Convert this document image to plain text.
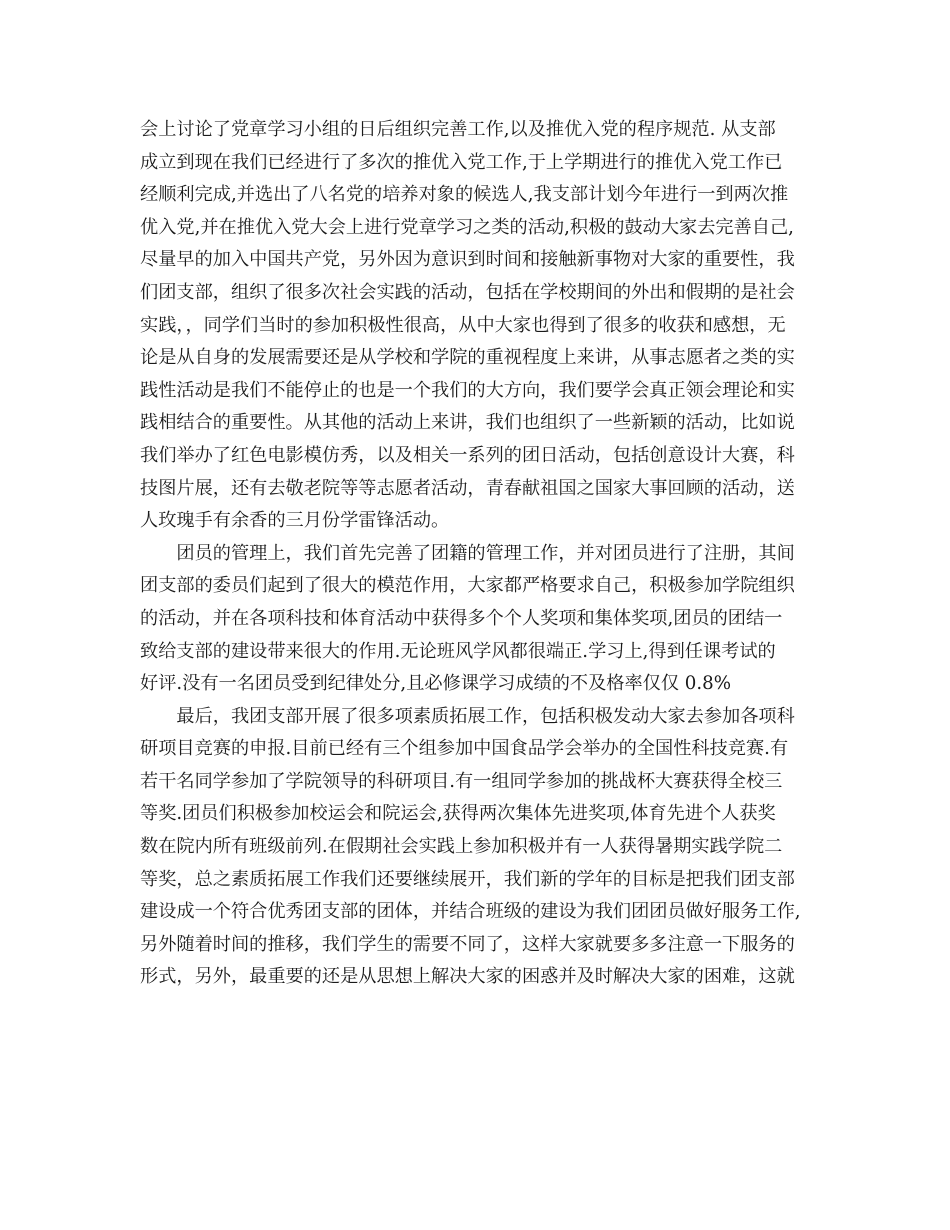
会上讨论了党章学习小组的日后组织完善工作,以及推优入党的程序规范. 从支部
成立到现在我们已经进行了多次的推优入党工作,于上学期进行的推优入党工作已
经顺利完成,并选出了八名党的培养对象的候选人,我支部计划今年进行一到两次推
优入党,并在推优入党大会上进行党章学习之类的活动,积极的鼓动大家去完善自己,
尽量早的加入中国共产党，另外因为意识到时间和接触新事物对大家的重要性，我
们团支部，组织了很多次社会实践的活动，包括在学校期间的外出和假期的是社会
实践，，同学们当时的参加积极性很高，从中大家也得到了很多的收获和感想，无
论是从自身的发展需要还是从学校和学院的重视程度上来讲，从事志愿者之类的实
践性活动是我们不能停止的也是一个我们的大方向，我们要学会真正领会理论和实
践相结合的重要性。从其他的活动上来讲，我们也组织了一些新颖的活动，比如说
我们举办了红色电影模仿秀，以及相关一系列的团日活动，包括创意设计大赛，科
技图片展，还有去敬老院等等志愿者活动，青春献祖国之国家大事回顾的活动，送
人玫瑰手有余香的三月份学雷锋活动。

　　团员的管理上，我们首先完善了团籍的管理工作，并对团员进行了注册，其间
团支部的委员们起到了很大的模范作用，大家都严格要求自己，积极参加学院组织
的活动，并在各项科技和体育活动中获得多个个人奖项和集体奖项,团员的团结一
致给支部的建设带来很大的作用.无论班风学风都很端正.学习上,得到任课考试的
好评.没有一名团员受到纪律处分,且必修课学习成绩的不及格率仅仅 0.8%

　　最后，我团支部开展了很多项素质拓展工作，包括积极发动大家去参加各项科
研项目竞赛的申报.目前已经有三个组参加中国食品学会举办的全国性科技竞赛.有
若干名同学参加了学院领导的科研项目.有一组同学参加的挑战杯大赛获得全校三
等奖.团员们积极参加校运会和院运会,获得两次集体先进奖项,体育先进个人获奖
数在院内所有班级前列.在假期社会实践上参加积极并有一人获得暑期实践学院二
等奖，总之素质拓展工作我们还要继续展开，我们新的学年的目标是把我们团支部
建设成一个符合优秀团支部的团体，并结合班级的建设为我们团团员做好服务工作,
另外随着时间的推移，我们学生的需要不同了，这样大家就要多多注意一下服务的
形式，另外，最重要的还是从思想上解决大家的困惑并及时解决大家的困难，这就
